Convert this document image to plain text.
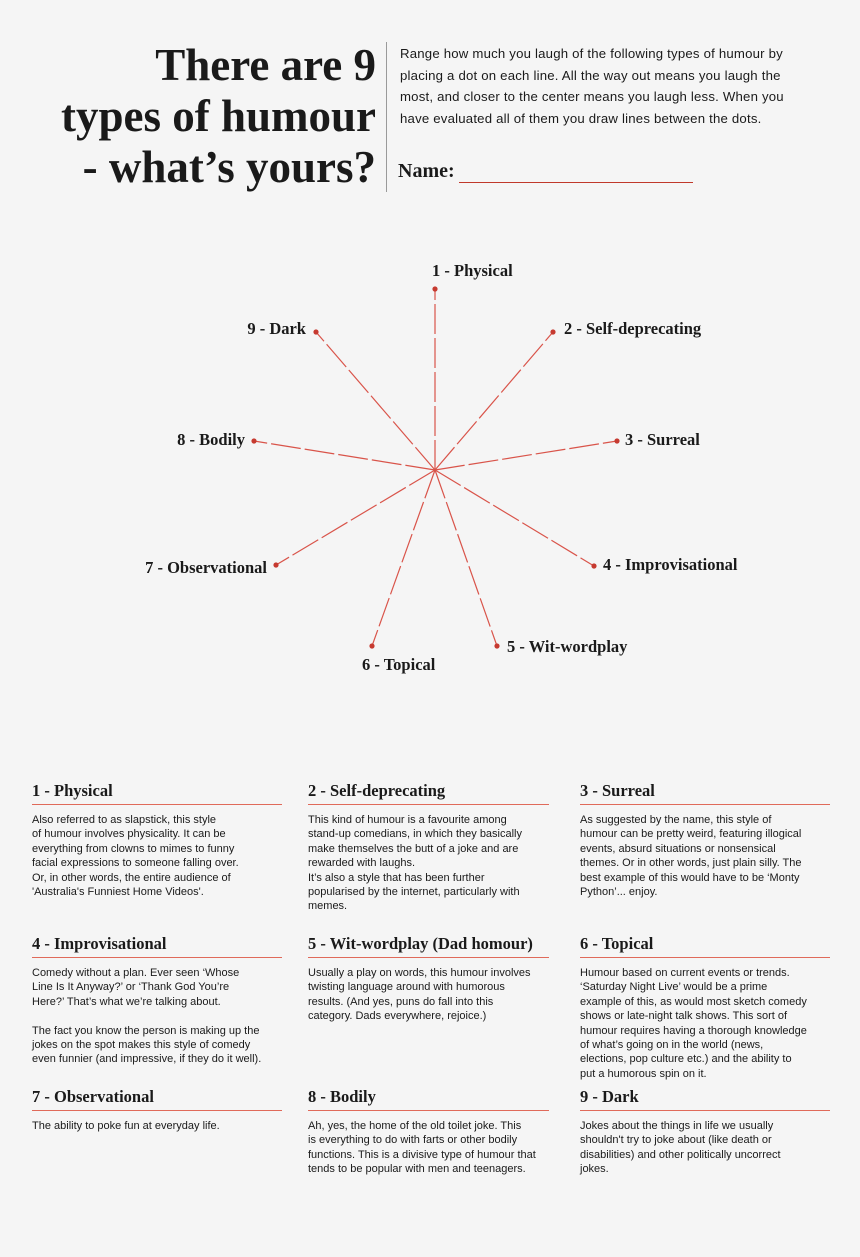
There are 9
types of humour
- what’s yours?
Range how much you laugh of the following types of humour by placing a dot on each line. All the way out means you laugh the most, and closer to the center means you laugh less. When you have evaluated all of them you draw lines between the dots.
Name:
1 - Physical
2 - Self-deprecating
3 - Surreal
4 - Improvisational
5 - Wit-wordplay
6 - Topical
7 - Observational
8 - Bodily
9 - Dark
1 - Physical

Also referred to as slapstick, this style
of humour involves physicality. It can be
everything from clowns to mimes to funny
facial expressions to someone falling over.
Or, in other words, the entire audience of
'Australia's Funniest Home Videos'.

2 - Self-deprecating

This kind of humour is a favourite among
stand-up comedians, in which they basically
make themselves the butt of a joke and are
rewarded with laughs.
It’s also a style that has been further
popularised by the internet, particularly with
memes.

3 - Surreal

As suggested by the name, this style of
humour can be pretty weird, featuring illogical
events, absurd situations or nonsensical
themes. Or in other words, just plain silly. The
best example of this would have to be ‘Monty
Python’... enjoy.

4 - Improvisational

Comedy without a plan. Ever seen ‘Whose
Line Is It Anyway?’ or ‘Thank God You’re
Here?’ That’s what we’re talking about.

The fact you know the person is making up the
jokes on the spot makes this style of comedy
even funnier (and impressive, if they do it well).

5 - Wit-wordplay (Dad homour)

Usually a play on words, this humour involves
twisting language around with humorous
results. (And yes, puns do fall into this
category. Dads everywhere, rejoice.)

6 - Topical

Humour based on current events or trends.
‘Saturday Night Live’ would be a prime
example of this, as would most sketch comedy
shows or late-night talk shows. This sort of
humour requires having a thorough knowledge
of what’s going on in the world (news,
elections, pop culture etc.) and the ability to
put a humorous spin on it.

7 - Observational

The ability to poke fun at everyday life.

8 - Bodily

Ah, yes, the home of the old toilet joke. This
is everything to do with farts or other bodily
functions. This is a divisive type of humour that
tends to be popular with men and teenagers.

9 - Dark

Jokes about the things in life we usually
shouldn't try to joke about (like death or
disabilities) and other politically uncorrect
jokes.
